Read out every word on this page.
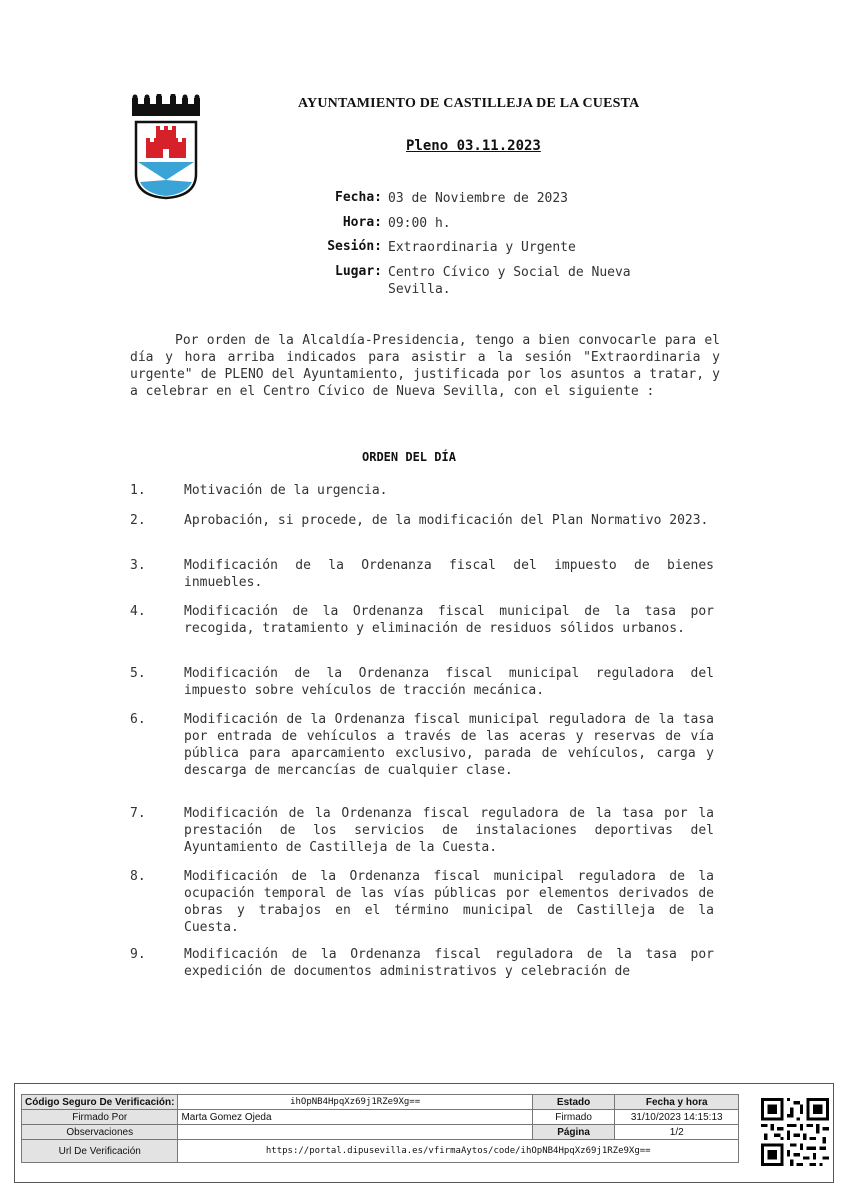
AYUNTAMIENTO DE CASTILLEJA DE LA CUESTA
Pleno 03.11.2023
Fecha: 03 de Noviembre de 2023
Hora: 09:00 h.
Sesión: Extraordinaria y Urgente
Lugar: Centro Cívico y Social de Nueva Sevilla.
Por orden de la Alcaldía-Presidencia, tengo a bien convocarle para el día y hora arriba indicados para asistir a la sesión "Extraordinaria y urgente" de PLENO del Ayuntamiento, justificada por los asuntos a tratar, y a celebrar en el Centro Cívico de Nueva Sevilla, con el siguiente :
ORDEN DEL DÍA
1.	Motivación de la urgencia.
2.	Aprobación, si procede, de la modificación del Plan Normativo 2023.
3.	Modificación de la Ordenanza fiscal del impuesto de bienes inmuebles.
4.	Modificación de la Ordenanza fiscal municipal de la tasa por recogida, tratamiento y eliminación de residuos sólidos urbanos.
5.	Modificación de la Ordenanza fiscal municipal reguladora del impuesto sobre vehículos de tracción mecánica.
6.	Modificación de la Ordenanza fiscal municipal reguladora de la tasa por entrada de vehículos a través de las aceras y reservas de vía pública para aparcamiento exclusivo, parada de vehículos, carga y descarga de mercancías de cualquier clase.
7.	Modificación de la Ordenanza fiscal reguladora de la tasa por la prestación de los servicios de instalaciones deportivas del Ayuntamiento de Castilleja de la Cuesta.
8.	Modificación de la Ordenanza fiscal municipal reguladora de la ocupación temporal de las vías públicas por elementos derivados de obras y trabajos en el término municipal de Castilleja de la Cuesta.
9.	Modificación de la Ordenanza fiscal reguladora de la tasa por expedición de documentos administrativos y celebración de
Código Seguro De Verificación:	ihOpNB4HpqXz69j1RZe9Xg==	Estado	Fecha y hora
Firmado Por	Marta Gomez Ojeda	Firmado	31/10/2023 14:15:13
Observaciones		Página	1/2
Url De Verificación	https://portal.dipusevilla.es/vfirmaAytos/code/ihOpNB4HpqXz69j1RZe9Xg==		
